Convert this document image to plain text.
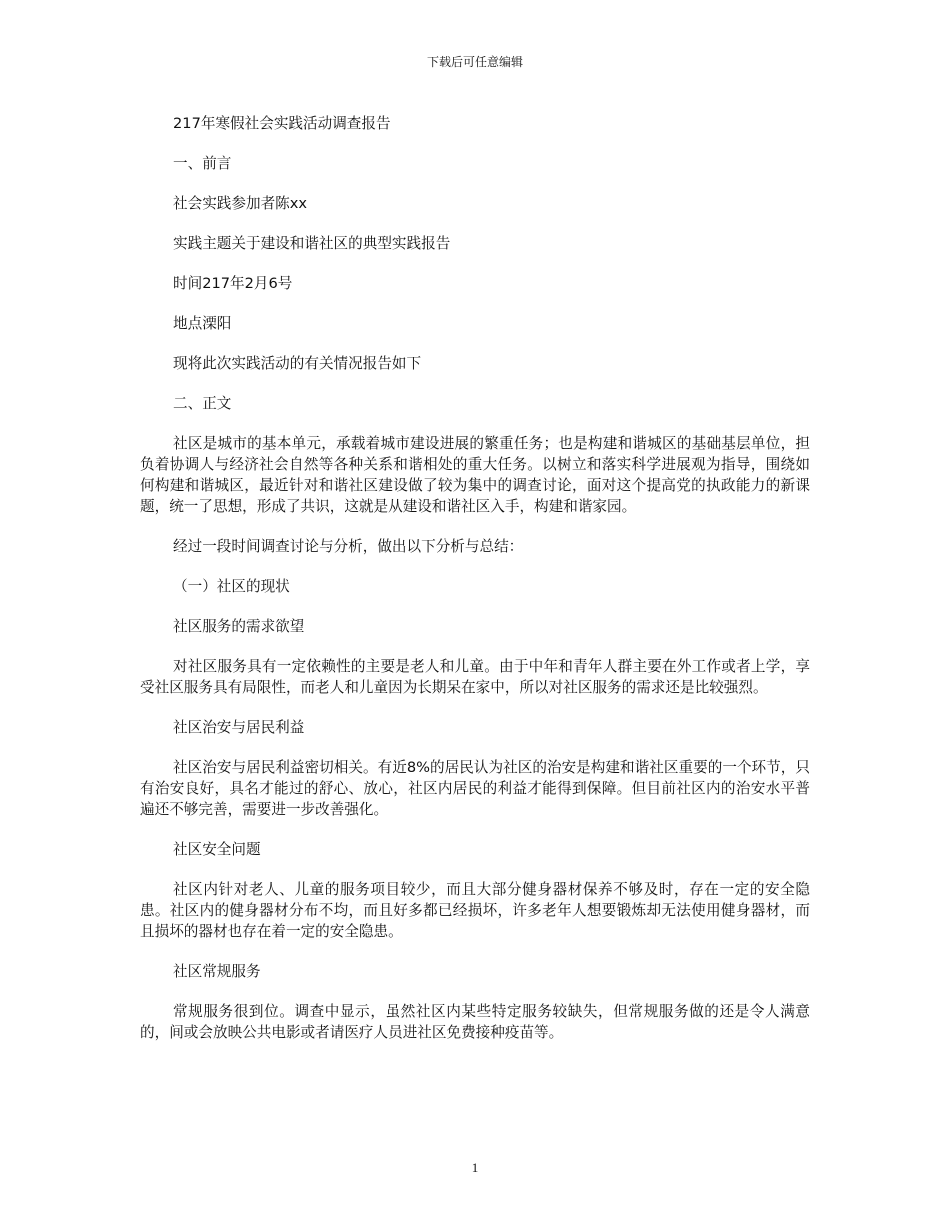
下载后可任意编辑

217年寒假社会实践活动调查报告

一、前言

社会实践参加者陈xx

实践主题关于建设和谐社区的典型实践报告

时间217年2月6号

地点溧阳

现将此次实践活动的有关情况报告如下

二、正文

社区是城市的基本单元，承载着城市建设进展的繁重任务；也是构建和谐城区的基础基层单位，担负着协调人与经济社会自然等各种关系和谐相处的重大任务。以树立和落实科学进展观为指导，围绕如何构建和谐城区，最近针对和谐社区建设做了较为集中的调查讨论，面对这个提高党的执政能力的新课题，统一了思想，形成了共识，这就是从建设和谐社区入手，构建和谐家园。

经过一段时间调查讨论与分析，做出以下分析与总结：

（一）社区的现状

社区服务的需求欲望

对社区服务具有一定依赖性的主要是老人和儿童。由于中年和青年人群主要在外工作或者上学，享受社区服务具有局限性，而老人和儿童因为长期呆在家中，所以对社区服务的需求还是比较强烈。

社区治安与居民利益

社区治安与居民利益密切相关。有近8%的居民认为社区的治安是构建和谐社区重要的一个环节，只有治安良好，具名才能过的舒心、放心，社区内居民的利益才能得到保障。但目前社区内的治安水平普遍还不够完善，需要进一步改善强化。

社区安全问题

社区内针对老人、儿童的服务项目较少，而且大部分健身器材保养不够及时，存在一定的安全隐患。社区内的健身器材分布不均，而且好多都已经损坏，许多老年人想要锻炼却无法使用健身器材，而且损坏的器材也存在着一定的安全隐患。

社区常规服务

常规服务很到位。调查中显示，虽然社区内某些特定服务较缺失，但常规服务做的还是令人满意的，间或会放映公共电影或者请医疗人员进社区免费接种疫苗等。

1
